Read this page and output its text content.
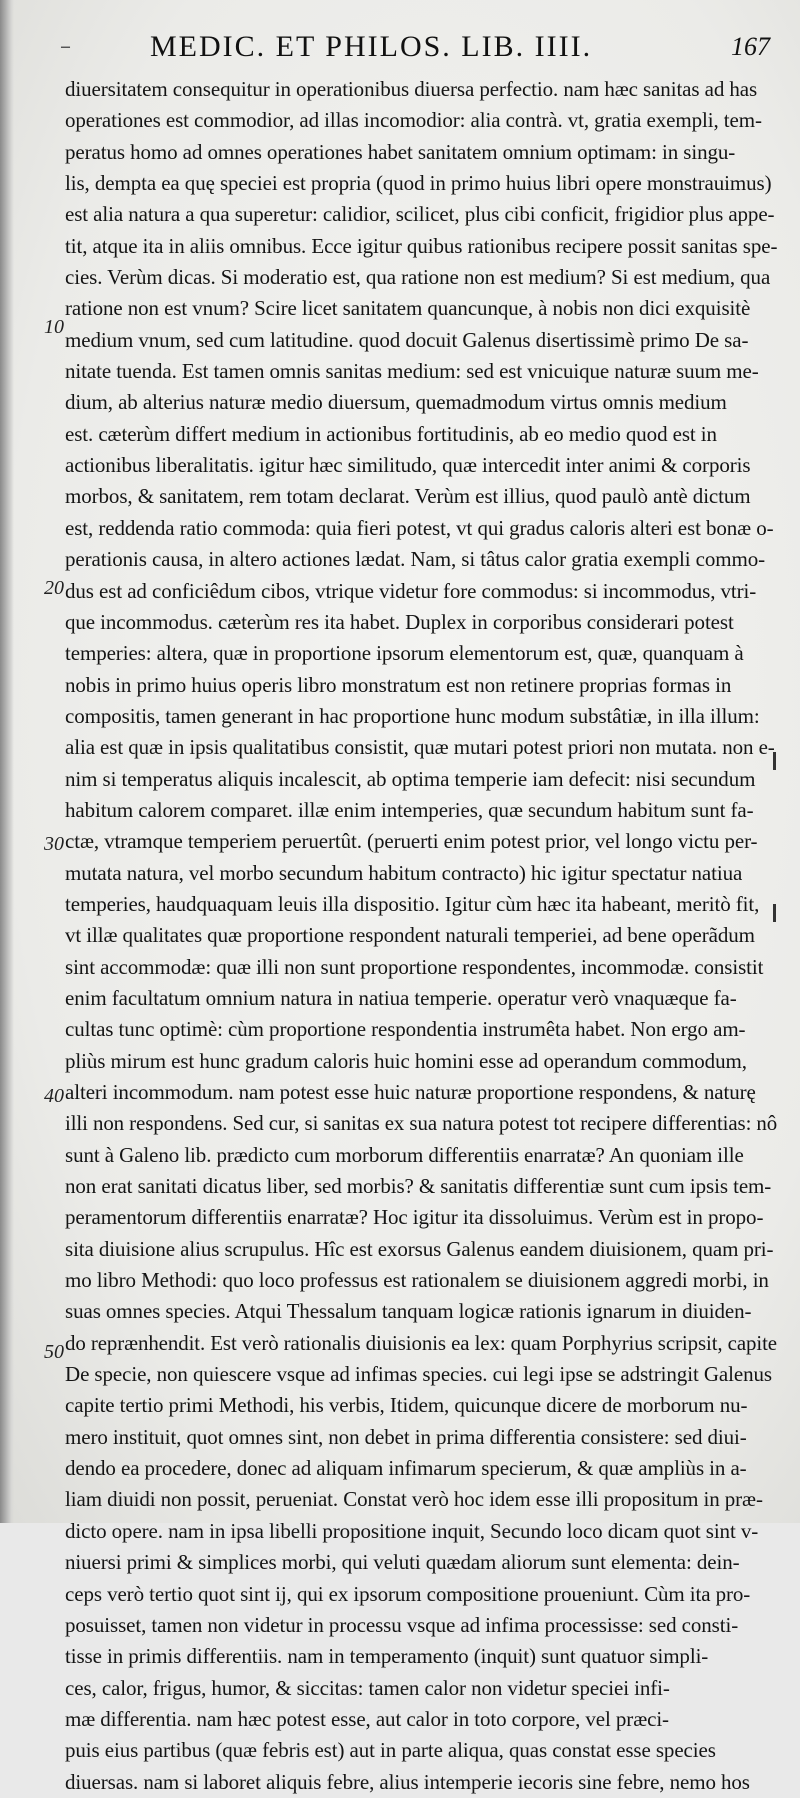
–	MEDIC. ET PHILOS. LIB. IIII.	167
10
20
30
40
50
diuersitatem consequitur in operationibus diuersa perfectio. nam hæc sanitas ad has
operationes est commodior, ad illas incomodior: alia contrà. vt, gratia exempli, tem-
peratus homo ad omnes operationes habet sanitatem omnium optimam: in singu-
lis, dempta ea quę speciei est propria (quod in primo huius libri opere monstrauimus)
est alia natura a qua superetur: calidior, scilicet, plus cibi conficit, frigidior plus appe-
tit, atque ita in aliis omnibus. Ecce igitur quibus rationibus recipere possit sanitas spe-
cies. Verùm dicas. Si moderatio est, qua ratione non est medium? Si est medium, qua
ratione non est vnum? Scire licet sanitatem quancunque, à nobis non dici exquisitè
medium vnum, sed cum latitudine. quod docuit Galenus disertissimè primo De sa-
nitate tuenda. Est tamen omnis sanitas medium: sed est vnicuique naturæ suum me-
dium, ab alterius naturæ medio diuersum, quemadmodum virtus omnis medium
est. cæterùm differt medium in actionibus fortitudinis, ab eo medio quod est in
actionibus liberalitatis. igitur hæc similitudo, quæ intercedit inter animi & corporis
morbos, & sanitatem, rem totam declarat. Verùm est illius, quod paulò antè dictum
est, reddenda ratio commoda: quia fieri potest, vt qui gradus caloris alteri est bonæ o-
perationis causa, in altero actiones lædat. Nam, si tâtus calor gratia exempli commo-
dus est ad conficiêdum cibos, vtrique videtur fore commodus: si incommodus, vtri-
que incommodus. cæterùm res ita habet. Duplex in corporibus considerari potest
temperies: altera, quæ in proportione ipsorum elementorum est, quæ, quanquam à
nobis in primo huius operis libro monstratum est non retinere proprias formas in
compositis, tamen generant in hac proportione hunc modum substâtiæ, in illa illum:
alia est quæ in ipsis qualitatibus consistit, quæ mutari potest priori non mutata. non e-
nim si temperatus aliquis incalescit, ab optima temperie iam defecit: nisi secundum
habitum calorem comparet. illæ enim intemperies, quæ secundum habitum sunt fa-
ctæ, vtramque temperiem peruertût. (peruerti enim potest prior, vel longo victu per-
mutata natura, vel morbo secundum habitum contracto) hic igitur spectatur natiua
temperies, haudquaquam leuis illa dispositio. Igitur cùm hæc ita habeant, meritò fit,
vt illæ qualitates quæ proportione respondent naturali temperiei, ad bene operãdum
sint accommodæ: quæ illi non sunt proportione respondentes, incommodæ. consistit
enim facultatum omnium natura in natiua temperie. operatur verò vnaquæque fa-
cultas tunc optimè: cùm proportione respondentia instrumêta habet. Non ergo am-
pliùs mirum est hunc gradum caloris huic homini esse ad operandum commodum,
alteri incommodum. nam potest esse huic naturæ proportione respondens, & naturę
illi non respondens. Sed cur, si sanitas ex sua natura potest tot recipere differentias: nô
sunt à Galeno lib. prædicto cum morborum differentiis enarratæ? An quoniam ille
non erat sanitati dicatus liber, sed morbis? & sanitatis differentiæ sunt cum ipsis tem-
peramentorum differentiis enarratæ? Hoc igitur ita dissoluimus. Verùm est in propo-
sita diuisione alius scrupulus. Hîc est exorsus Galenus eandem diuisionem, quam pri-
mo libro Methodi: quo loco professus est rationalem se diuisionem aggredi morbi, in
suas omnes species. Atqui Thessalum tanquam logicæ rationis ignarum in diuiden-
do reprænhendit. Est verò rationalis diuisionis ea lex: quam Porphyrius scripsit, capite
De specie, non quiescere vsque ad infimas species. cui legi ipse se adstringit Galenus
capite tertio primi Methodi, his verbis, Itidem, quicunque dicere de morborum nu-
mero instituit, quot omnes sint, non debet in prima differentia consistere: sed diui-
dendo ea procedere, donec ad aliquam infimarum specierum, & quæ ampliùs in a-
liam diuidi non possit, perueniat. Constat verò hoc idem esse illi propositum in præ-
dicto opere. nam in ipsa libelli propositione inquit, Secundo loco dicam quot sint v-
niuersi primi & simplices morbi, qui veluti quædam aliorum sunt elementa: dein-
ceps verò tertio quot sint ij, qui ex ipsorum compositione proueniunt. Cùm ita pro-
posuisset, tamen non videtur in processu vsque ad infima processisse: sed consti-
tisse in primis differentiis. nam in temperamento (inquit) sunt quatuor simpli-
ces, calor, frigus, humor, & siccitas: tamen calor non videtur speciei infi-
mæ differentia. nam hæc potest esse, aut calor in toto corpore, vel præci-
puis eius partibus (quæ febris est) aut in parte aliqua, quas constat esse species
diuersas. nam si laboret aliquis febre, alius intemperie iecoris sine febre, nemo hos
